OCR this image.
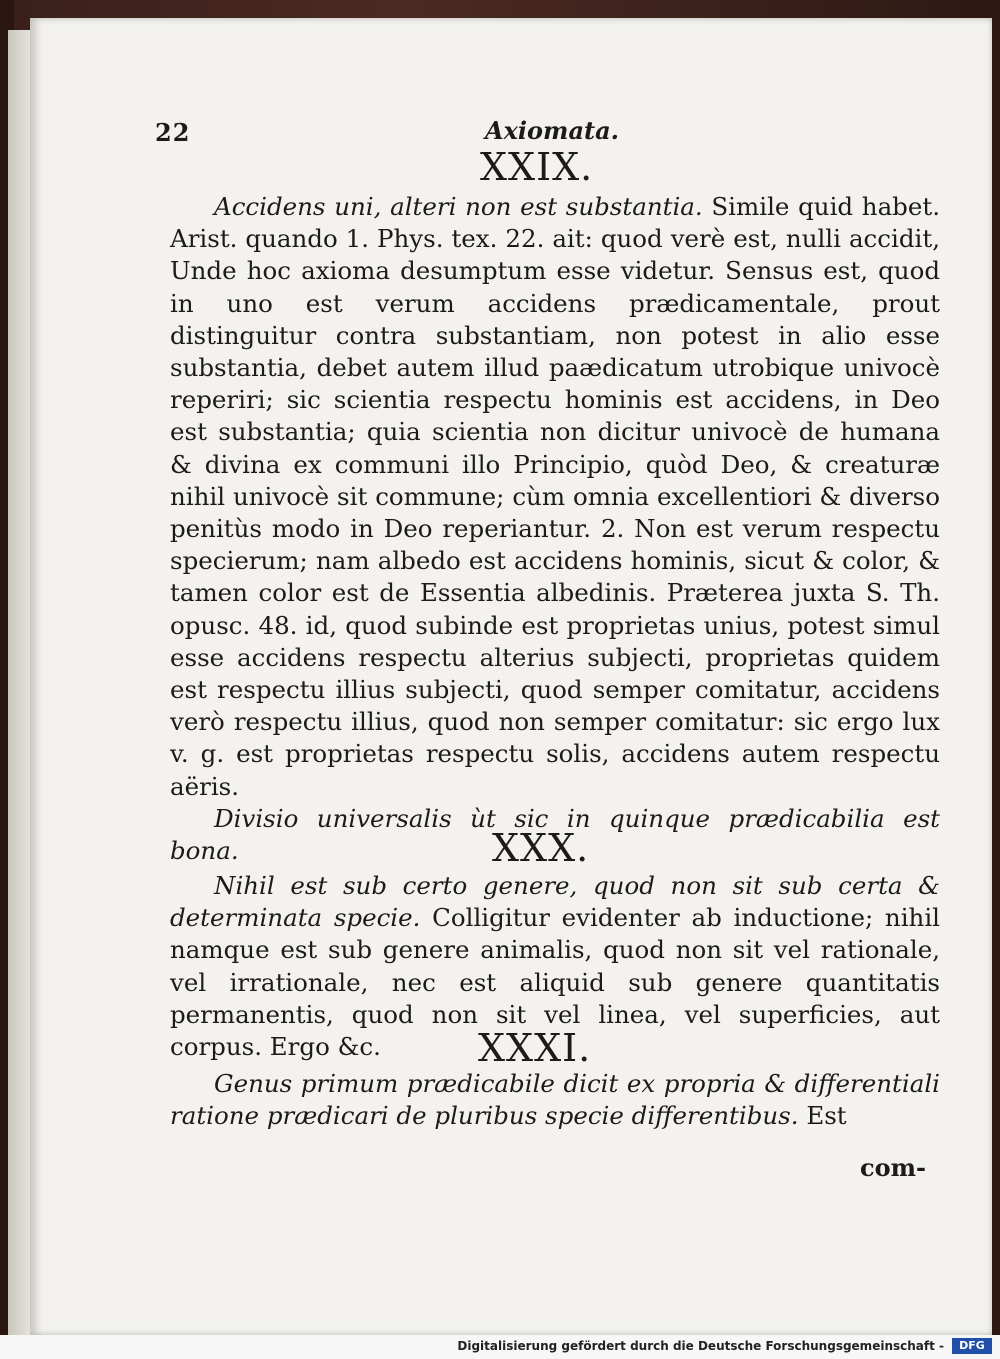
22	Axiomata.
XXIX.

Accidens uni, alteri non est substantia. Simile quid habet. Arist. quando 1. Phys. tex. 22. ait: quod verè est, nulli accidit, Unde hoc axioma desumptum esse videtur. Sensus est, quod in uno est verum accidens prædicamentale, prout distinguitur contra substantiam, non potest in alio esse substantia, debet autem illud paædicatum utrobique univocè reperiri; sic scientia respectu hominis est accidens, in Deo est substantia; quia scientia non dicitur univocè de humana & divina ex communi illo Principio, quòd Deo, & creaturæ nihil univocè sit commune; cùm omnia excellentiori & diverso penitùs modo in Deo reperiantur. 2. Non est verum respectu specierum; nam albedo est accidens hominis, sicut & color, & tamen color est de Essentia albedinis. Præterea juxta S. Th. opusc. 48. id, quod subinde est proprietas unius, potest simul esse accidens respectu alterius subjecti, proprietas quidem est respectu illius subjecti, quod semper comitatur, accidens verò respectu illius, quod non semper comitatur: sic ergo lux v. g. est proprietas respectu solis, accidens autem respectu aëris.

Divisio universalis ùt sic in quinque prædicabilia est bona.	XXX.

Nihil est sub certo genere, quod non sit sub certa & determinata specie. Colligitur evidenter ab inductione; nihil namque est sub genere animalis, quod non sit vel rationale, vel irrationale, nec est aliquid sub genere quantitatis permanentis, quod non sit vel linea, vel superficies, aut corpus. Ergo &c.	XXXI.

Genus primum prædicabile dicit ex propria & differentiali ratione prædicari de pluribus specie differentibus. Est

com-
Digitalisierung gefördert durch die Deutsche Forschungsgemeinschaft -	DFG
